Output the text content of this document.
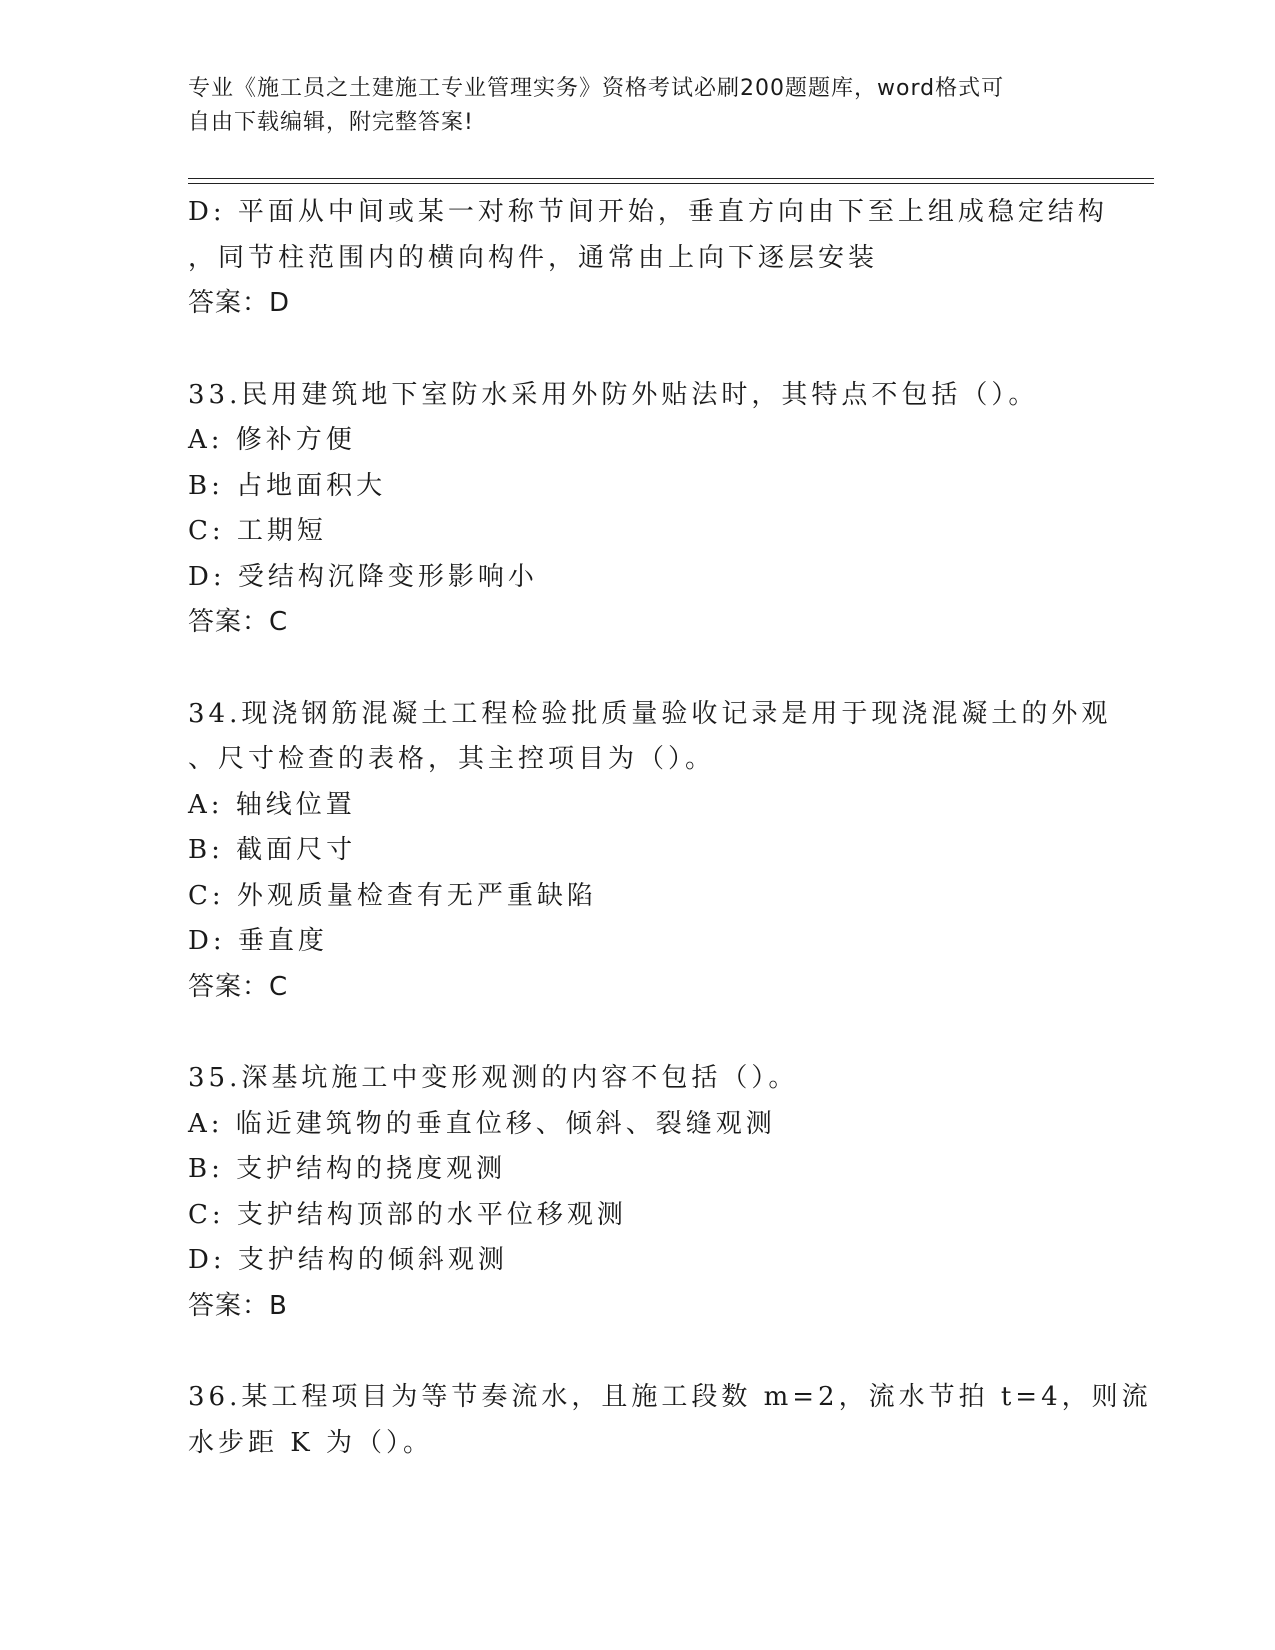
专业《施工员之土建施工专业管理实务》资格考试必刷200题题库，word格式可
自由下载编辑，附完整答案!
D: 平面从中间或某一对称节间开始，垂直方向由下至上组成稳定结构
，同节柱范围内的横向构件，通常由上向下逐层安装
答案：D
33.民用建筑地下室防水采用外防外贴法时，其特点不包括（）。
A: 修补方便
B: 占地面积大
C: 工期短
D: 受结构沉降变形影响小
答案：C
34.现浇钢筋混凝土工程检验批质量验收记录是用于现浇混凝土的外观
、尺寸检查的表格，其主控项目为（）。
A: 轴线位置
B: 截面尺寸
C: 外观质量检查有无严重缺陷
D: 垂直度
答案：C
35.深基坑施工中变形观测的内容不包括（）。
A: 临近建筑物的垂直位移、倾斜、裂缝观测
B: 支护结构的挠度观测
C: 支护结构顶部的水平位移观测
D: 支护结构的倾斜观测
答案：B
36.某工程项目为等节奏流水，且施工段数 m=2，流水节拍 t=4，则流
水步距 K 为（）。
